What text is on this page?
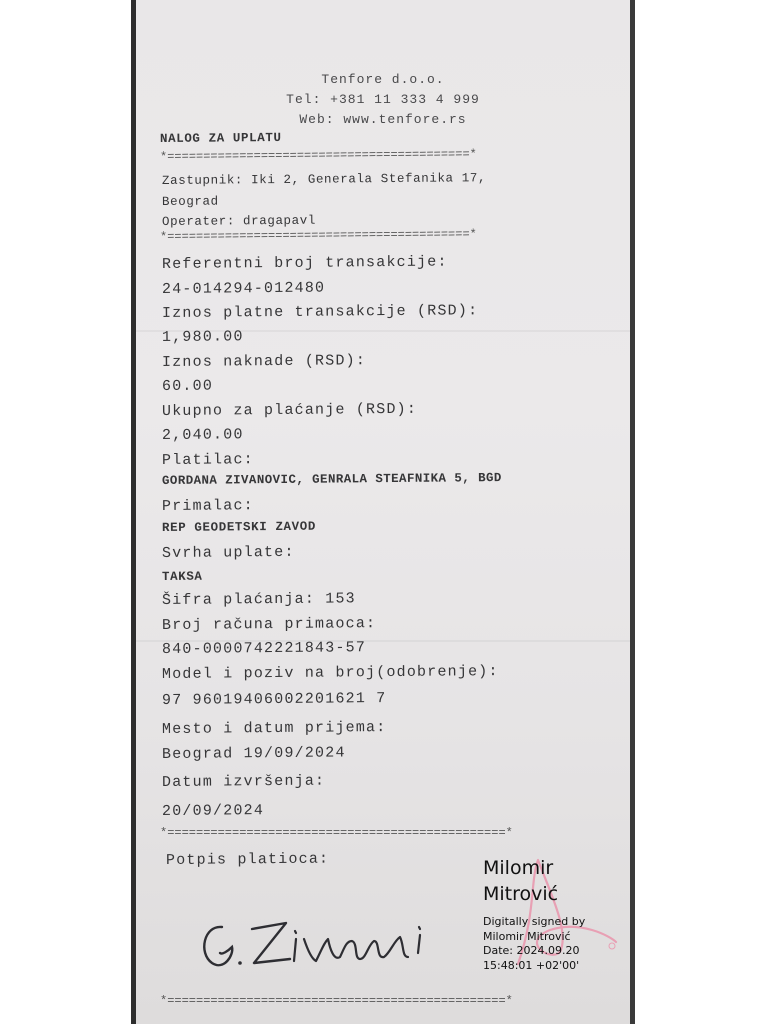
Tenfore d.o.o.
Tel: +381 11 333 4 999
Web: www.tenfore.rs
NALOG ZA UPLATU
*==========================================*
Zastupnik: Iki 2, Generala Stefanika 17,
Beograd
Operater: dragapavl
*==========================================*
Referentni broj transakcije:
24-014294-012480
Iznos platne transakcije (RSD):
1,980.00
Iznos naknade (RSD):
60.00
Ukupno za plaćanje (RSD):
2,040.00
Platilac:
GORDANA ZIVANOVIC, GENRALA STEAFNIKA 5, BGD
Primalac:
REP GEODETSKI ZAVOD
Svrha uplate:
TAKSA
Šifra plaćanja: 153
Broj računa primaoca:
840-0000742221843-57
Model i poziv na broj(odobrenje):
97 96019406002201621 7
Mesto i datum prijema:
Beograd 19/09/2024
Datum izvršenja:
20/09/2024
*===============================================*
Potpis platioca:
*===============================================*
Milomir
Mitrović
Digitally signed by
Milomir Mitrović
Date: 2024.09.20
15:48:01 +02'00'
